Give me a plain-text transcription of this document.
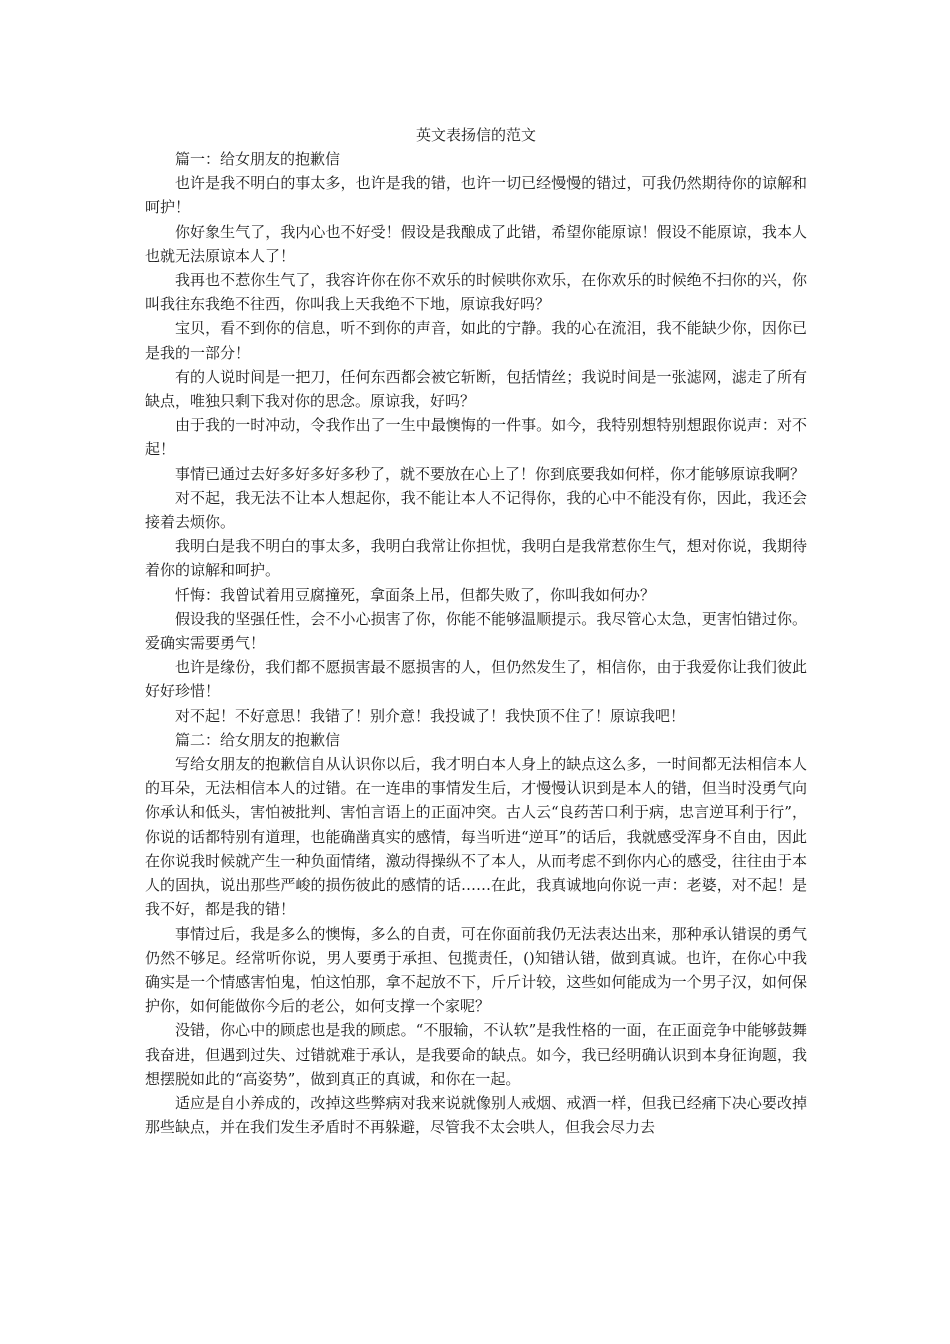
英文表扬信的范文

篇一：给女朋友的抱歉信

也许是我不明白的事太多，也许是我的错，也许一切已经慢慢的错过，可我仍然期待你的谅解和呵护！

你好象生气了，我内心也不好受！假设是我酿成了此错，希望你能原谅！假设不能原谅，我本人也就无法原谅本人了！

我再也不惹你生气了，我容许你在你不欢乐的时候哄你欢乐，在你欢乐的时候绝不扫你的兴，你叫我往东我绝不往西，你叫我上天我绝不下地，原谅我好吗？

宝贝，看不到你的信息，听不到你的声音，如此的宁静。我的心在流泪，我不能缺少你，因你已是我的一部分！

有的人说时间是一把刀，任何东西都会被它斩断，包括情丝；我说时间是一张滤网，滤走了所有缺点，唯独只剩下我对你的思念。原谅我，好吗？

由于我的一时冲动，令我作出了一生中最懊悔的一件事。如今，我特别想特别想跟你说声：对不起！

事情已通过去好多好多好多秒了，就不要放在心上了！你到底要我如何样，你才能够原谅我啊？

对不起，我无法不让本人想起你，我不能让本人不记得你，我的心中不能没有你，因此，我还会接着去烦你。

我明白是我不明白的事太多，我明白我常让你担忧，我明白是我常惹你生气，想对你说，我期待着你的谅解和呵护。

忏悔：我曾试着用豆腐撞死，拿面条上吊，但都失败了，你叫我如何办？

假设我的坚强任性，会不小心损害了你，你能不能够温顺提示。我尽管心太急，更害怕错过你。爱确实需要勇气！

也许是缘份，我们都不愿损害最不愿损害的人，但仍然发生了，相信你，由于我爱你让我们彼此好好珍惜！

对不起！不好意思！我错了！别介意！我投诚了！我快顶不住了！原谅我吧！

篇二：给女朋友的抱歉信

写给女朋友的抱歉信自从认识你以后，我才明白本人身上的缺点这么多，一时间都无法相信本人的耳朵，无法相信本人的过错。在一连串的事情发生后，才慢慢认识到是本人的错，但当时没勇气向你承认和低头，害怕被批判、害怕言语上的正面冲突。古人云“良药苦口利于病，忠言逆耳利于行”，你说的话都特别有道理，也能确凿真实的感情，每当听进“逆耳”的话后，我就感受浑身不自由，因此在你说我时候就产生一种负面情绪，激动得操纵不了本人，从而考虑不到你内心的感受，往往由于本人的固执，说出那些严峻的损伤彼此的感情的话……在此，我真诚地向你说一声：老婆，对不起！是我不好，都是我的错！

事情过后，我是多么的懊悔，多么的自责，可在你面前我仍无法表达出来，那种承认错误的勇气仍然不够足。经常听你说，男人要勇于承担、包揽责任，()知错认错，做到真诚。也许，在你心中我确实是一个情感害怕鬼，怕这怕那，拿不起放不下，斤斤计较，这些如何能成为一个男子汉，如何保护你，如何能做你今后的老公，如何支撑一个家呢？

没错，你心中的顾虑也是我的顾虑。“不服输，不认软”是我性格的一面，在正面竞争中能够鼓舞我奋进，但遇到过失、过错就难于承认，是我要命的缺点。如今，我已经明确认识到本身征询题，我想摆脱如此的“高姿势”，做到真正的真诚，和你在一起。

适应是自小养成的，改掉这些弊病对我来说就像别人戒烟、戒酒一样，但我已经痛下决心要改掉那些缺点，并在我们发生矛盾时不再躲避，尽管我不太会哄人，但我会尽力去
